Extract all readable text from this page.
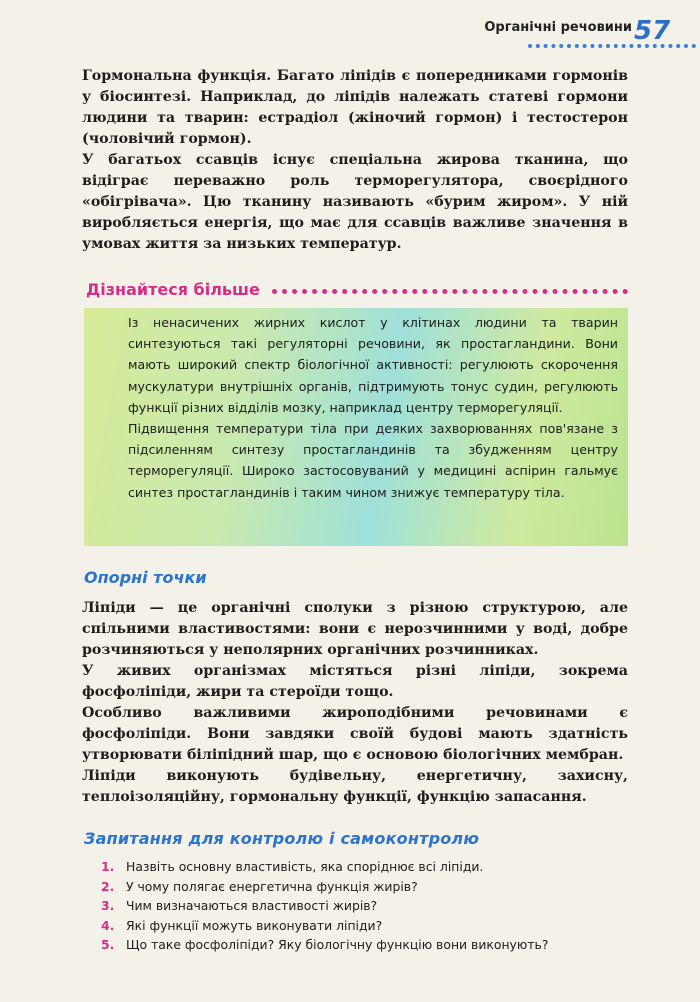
Органічні речовини 57

Гормональна функція. Багато ліпідів є попередниками гормонів у біосинтезі. Наприклад, до ліпідів належать статеві гормони людини та тварин: естрадіол (жіночий гормон) і тестостерон (чоловічий гормон).

У багатьох ссавців існує спеціальна жирова тканина, що відіграє переважно роль терморегулятора, своєрідного «обігрівача». Цю тканину називають «бурим жиром». У ній виробляється енергія, що має для ссавців важливе значення в умовах життя за низьких температур.

Дізнайтеся більше

Із ненасичених жирних кислот у клітинах людини та тварин синтезуються такі регуляторні речовини, як простагландини. Вони мають широкий спектр біологічної активності: регулюють скорочення мускулатури внутрішніх органів, підтримують тонус судин, регулюють функції різних відділів мозку, наприклад центру терморегуляції.

Підвищення температури тіла при деяких захворюваннях пов'язане з підсиленням синтезу простагландинів та збудженням центру терморегуляції. Широко застосовуваний у медицині аспірин гальмує синтез простагландинів і таким чином знижує температуру тіла.

Опорні точки

Ліпіди — це органічні сполуки з різною структурою, але спільними властивостями: вони є нерозчинними у воді, добре розчиняються у неполярних органічних розчинниках.

У живих організмах містяться різні ліпіди, зокрема фосфоліпіди, жири та стероїди тощо.

Особливо важливими жироподібними речовинами є фосфоліпіди. Вони завдяки своїй будові мають здатність утворювати біліпідний шар, що є основою біологічних мембран.

Ліпіди виконують будівельну, енергетичну, захисну, теплоізоляційну, гормональну функції, функцію запасання.

Запитання для контролю і самоконтролю
1. Назвіть основну властивість, яка споріднює всі ліпіди.
2. У чому полягає енергетична функція жирів?
3. Чим визначаються властивості жирів?
4. Які функції можуть виконувати ліпіди?
5. Що таке фосфоліпіди? Яку біологічну функцію вони виконують?
